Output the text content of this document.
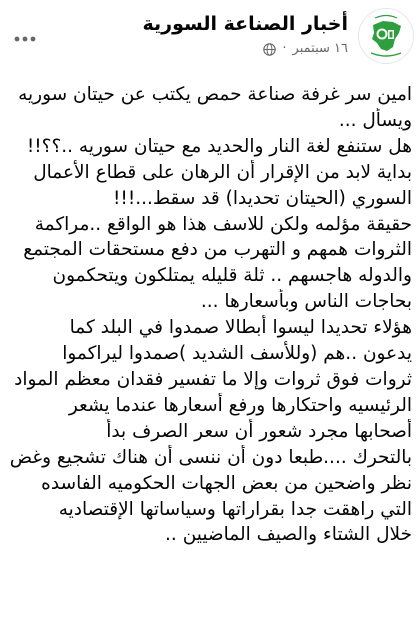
أخبار الصناعة السورية
١٦ سبتمبر
·
امين سر غرفة صناعة حمص يكتب عن حيتان سوريه
ويسأل ...
هل ستنفع لغة النار والحديد مع حيتان سوريه ..؟؟!!
بداية لابد من الإقرار أن الرهان على قطاع الأعمال
السوري (الحيتان تحديدا) قد سقط...!!!
حقيقة مؤلمه ولكن للاسف هذا هو الواقع ..مراكمة
الثروات همهم و التهرب من دفع مستحقات المجتمع
والدوله هاجسهم .. ثلة قليله يمتلكون ويتحكمون
بحاجات الناس وبأسعارها ...
هؤلاء تحديدا ليسوا أبطالا صمدوا في البلد كما
يدعون ..هم (وللأسف الشديد )صمدوا ليراكموا
ثروات فوق ثروات وإلا ما تفسير فقدان معظم المواد
الرئيسيه واحتكارها ورفع أسعارها عندما يشعر
أصحابها مجرد شعور أن سعر الصرف بدأ
بالتحرك ....طبعا دون أن ننسى أن هناك تشجيع وغض
نظر واضحين من بعض الجهات الحكوميه الفاسده
التي راهقت جدا بقراراتها وسياساتها الإقتصاديه
خلال الشتاء والصيف الماضيين ..
